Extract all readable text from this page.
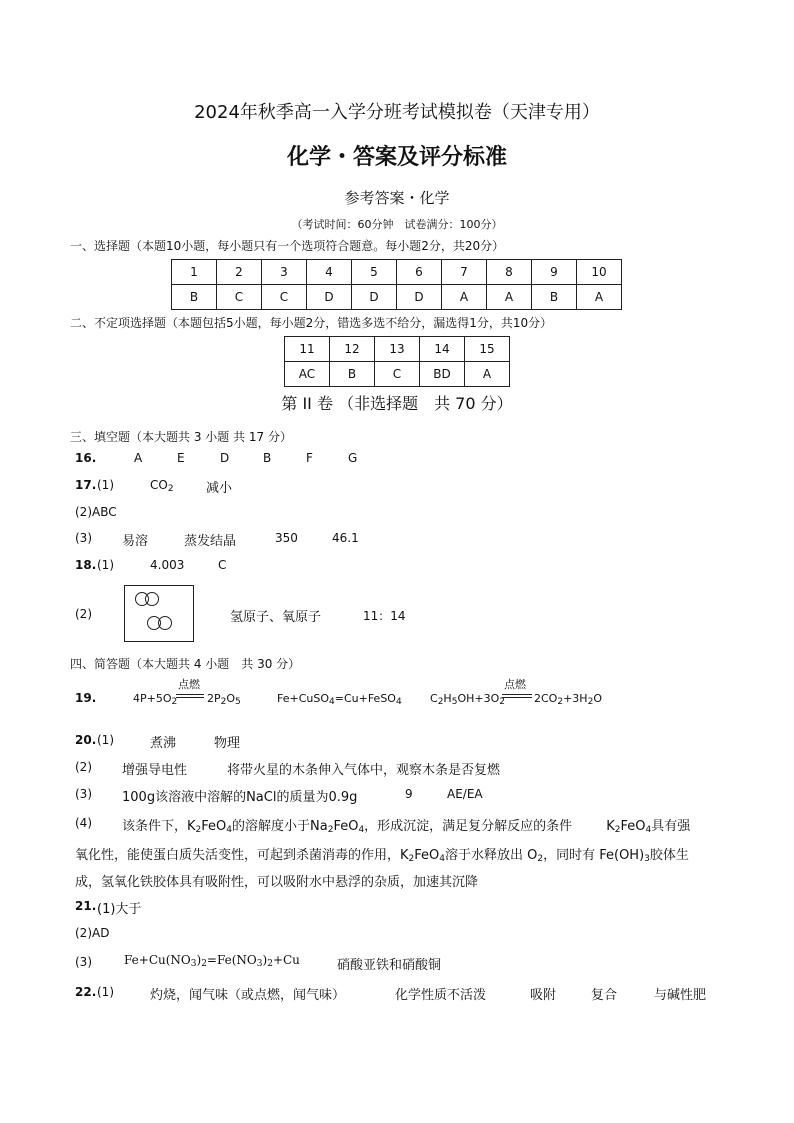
2024年秋季高一入学分班考试模拟卷（天津专用）
化学・答案及评分标准
参考答案・化学
（考试时间：60分钟　试卷满分：100分）
一、选择题（本题10小题，每小题只有一个选项符合题意。每小题2分，共20分）
1	2	3	4	5	6	7	8	9	10
B	C	C	D	D	D	A	A	B	A
二、不定项选择题（本题包括5小题，每小题2分，错选多选不给分，漏选得1分，共10分）
11	12	13	14	15
AC	B	C	BD	A
第 II 卷 （非选择题　共 70 分）
三、填空题（本大题共 3 小题 共 17 分）
16.	A	E	D	B	F	G
17. (1)	$CO_2$ 减小
(2)ABC
(3) 易溶	蒸发结晶	350	46.1
18. (1)	4.003	C
(2)	氢原子、氧原子	11：14
四、简答题（本大题共 4 小题　共 30 分）
19.	$4P+5O_2$
点燃
$2P_2O_5$	Fe+CuSO$_4$=Cu+FeSO$_4$	$C_2H_5OH+3O_2$
点燃
$2CO_2+3H_2O$
20. (1)	煮沸	物理
(2) 增强导电性	将带火星的木条伸入气体中，观察木条是否复燃
(3) 100g该溶液中溶解的NaCl的质量为0.9g	9	AE/EA
(4) 该条件下，$K_2FeO_4$的溶解度小于$Na_2FeO_4$，形成沉淀，满足复分解反应的条件	$K_2FeO_4$具有强
氧化性，能使蛋白质失活变性，可起到杀菌消毒的作用，$K_2FeO_4$溶于水释放出 $O_2$，同时有 $Fe(OH)_3$胶体生
成，氢氧化铁胶体具有吸附性，可以吸附水中悬浮的杂质，加速其沉降
21. (1)大于
(2)AD
(3)	$Fe+Cu(NO_3)_2=Fe(NO_3)_2+Cu$	硝酸亚铁和硝酸铜
22. (1)	灼烧，闻气味（或点燃，闻气味）	化学性质不活泼	吸附	复合	与碱性肥
